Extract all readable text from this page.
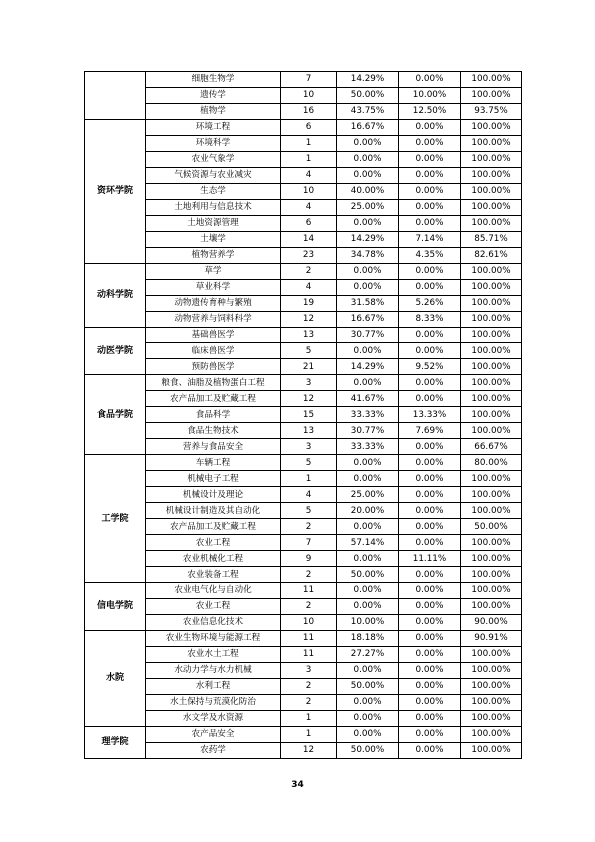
	细胞生物学	7	14.29%	0.00%	100.00%
	遗传学	10	50.00%	10.00%	100.00%
	植物学	16	43.75%	12.50%	93.75%
资环学院	环境工程	6	16.67%	0.00%	100.00%
	环境科学	1	0.00%	0.00%	100.00%
	农业气象学	1	0.00%	0.00%	100.00%
	气候资源与农业减灾	4	0.00%	0.00%	100.00%
	生态学	10	40.00%	0.00%	100.00%
	土地利用与信息技术	4	25.00%	0.00%	100.00%
	土地资源管理	6	0.00%	0.00%	100.00%
	土壤学	14	14.29%	7.14%	85.71%
	植物营养学	23	34.78%	4.35%	82.61%
动科学院	草学	2	0.00%	0.00%	100.00%
	草业科学	4	0.00%	0.00%	100.00%
	动物遗传育种与繁殖	19	31.58%	5.26%	100.00%
	动物营养与饲料科学	12	16.67%	8.33%	100.00%
动医学院	基础兽医学	13	30.77%	0.00%	100.00%
	临床兽医学	5	0.00%	0.00%	100.00%
	预防兽医学	21	14.29%	9.52%	100.00%
食品学院	粮食、油脂及植物蛋白工程	3	0.00%	0.00%	100.00%
	农产品加工及贮藏工程	12	41.67%	0.00%	100.00%
	食品科学	15	33.33%	13.33%	100.00%
	食品生物技术	13	30.77%	7.69%	100.00%
	营养与食品安全	3	33.33%	0.00%	66.67%
工学院	车辆工程	5	0.00%	0.00%	80.00%
	机械电子工程	1	0.00%	0.00%	100.00%
	机械设计及理论	4	25.00%	0.00%	100.00%
	机械设计制造及其自动化	5	20.00%	0.00%	100.00%
	农产品加工及贮藏工程	2	0.00%	0.00%	50.00%
	农业工程	7	57.14%	0.00%	100.00%
	农业机械化工程	9	0.00%	11.11%	100.00%
	农业装备工程	2	50.00%	0.00%	100.00%
信电学院	农业电气化与自动化	11	0.00%	0.00%	100.00%
	农业工程	2	0.00%	0.00%	100.00%
	农业信息化技术	10	10.00%	0.00%	90.00%
水院	农业生物环境与能源工程	11	18.18%	0.00%	90.91%
	农业水土工程	11	27.27%	0.00%	100.00%
	水动力学与水力机械	3	0.00%	0.00%	100.00%
	水利工程	2	50.00%	0.00%	100.00%
	水土保持与荒漠化防治	2	0.00%	0.00%	100.00%
	水文学及水资源	1	0.00%	0.00%	100.00%
理学院	农产品安全	1	0.00%	0.00%	100.00%
	农药学	12	50.00%	0.00%	100.00%
34
